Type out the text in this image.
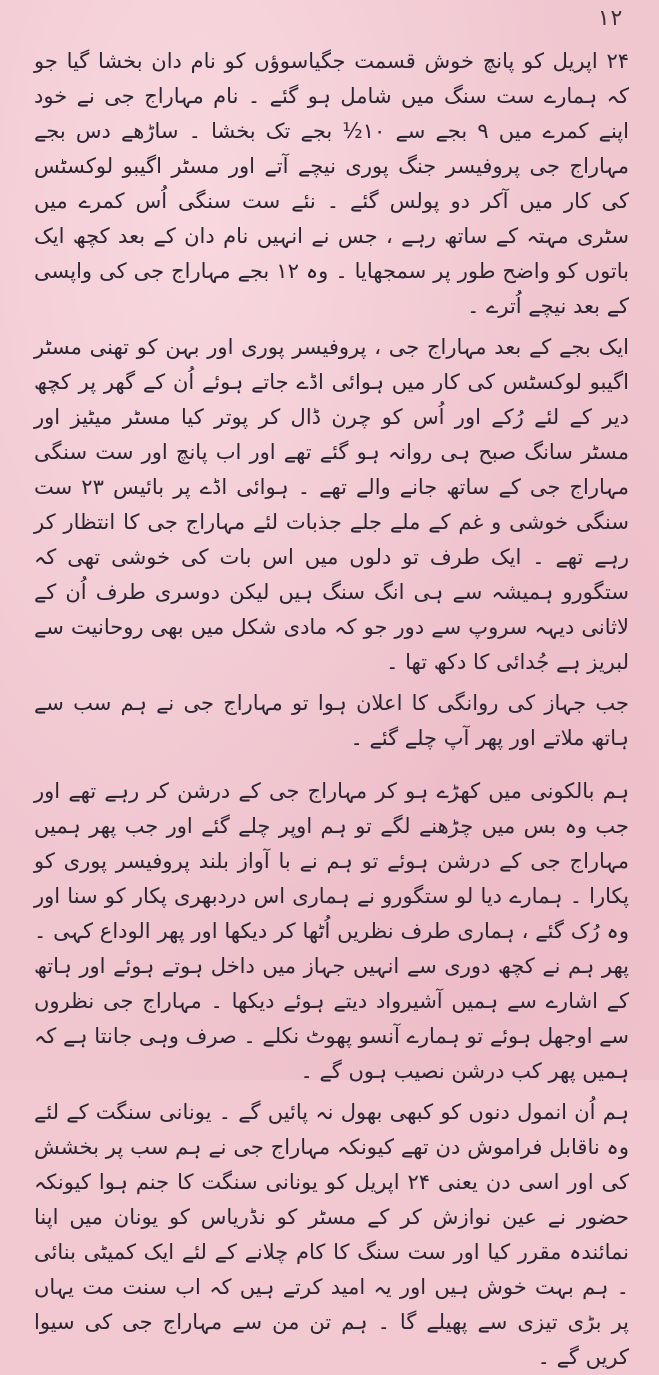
۱۲

۲۴ اپریل کو پانچ خوش قسمت جگیاسوؤں کو نام دان بخشا گیا جو کہ ہمارے ست سنگ میں شامل ہو گئے ۔ نام مہاراج جی نے خود اپنے کمرے میں ۹ بجے سے ۱۰½ بجے تک بخشا ۔ ساڑھے دس بجے مہاراج جی پروفیسر جنگ پوری نیچے آتے اور مسٹر اگیبو لوکسٹس کی کار میں آکر دو پولس گئے ۔ نئے ست سنگی اُس کمرے میں سٹری مہتہ کے ساتھ رہے ، جس نے انہیں نام دان کے بعد کچھ ایک باتوں کو واضح طور پر سمجھایا ۔ وہ ۱۲ بجے مہاراج جی کی واپسی کے بعد نیچے اُترے ۔

ایک بجے کے بعد مہاراج جی ، پروفیسر پوری اور بہن کو تھنی مسٹر اگیبو لوکسٹس کی کار میں ہوائی اڈے جاتے ہوئے اُن کے گھر پر کچھ دیر کے لئے رُکے اور اُس کو چرن ڈال کر پوتر کیا مسٹر میٹیز اور مسٹر سانگ صبح ہی روانہ ہو گئے تھے اور اب پانچ اور ست سنگی مہاراج جی کے ساتھ جانے والے تھے ۔ ہوائی اڈے پر بائیس ۲۳ ست سنگی خوشی و غم کے ملے جلے جذبات لئے مہاراج جی کا انتظار کر رہے تھے ۔ ایک طرف تو دلوں میں اس بات کی خوشی تھی کہ ستگورو ہمیشہ سے ہی انگ سنگ ہیں لیکن دوسری طرف اُن کے لاثانی دیہہ سروپ سے دور جو کہ مادی شکل میں بھی روحانیت سے لبریز ہے جُدائی کا دکھ تھا ۔

جب جہاز کی روانگی کا اعلان ہوا تو مہاراج جی نے ہم سب سے ہاتھ ملاتے اور پھر آپ چلے گئے ۔

ہم بالکونی میں کھڑے ہو کر مہاراج جی کے درشن کر رہے تھے اور جب وہ بس میں چڑھنے لگے تو ہم اوپر چلے گئے اور جب پھر ہمیں مہاراج جی کے درشن ہوئے تو ہم نے با آواز بلند پروفیسر پوری کو پکارا ۔ ہمارے دیا لو ستگورو نے ہماری اس دردبھری پکار کو سنا اور وہ رُک گئے ، ہماری طرف نظریں اُٹھا کر دیکھا اور پھر الوداع کہی ۔ پھر ہم نے کچھ دوری سے انہیں جہاز میں داخل ہوتے ہوئے اور ہاتھ کے اشارے سے ہمیں آشیرواد دیتے ہوئے دیکھا ۔ مہاراج جی نظروں سے اوجھل ہوئے تو ہمارے آنسو پھوٹ نکلے ۔ صرف وہی جانتا ہے کہ ہمیں پھر کب درشن نصیب ہوں گے ۔

ہم اُن انمول دنوں کو کبھی بھول نہ پائیں گے ۔ یونانی سنگت کے لئے وہ ناقابل فراموش دن تھے کیونکہ مہاراج جی نے ہم سب پر بخشش کی اور اسی دن یعنی ۲۴ اپریل کو یونانی سنگت کا جنم ہوا کیونکہ حضور نے عین نوازش کر کے مسٹر کو نڈریاس کو یونان میں اپنا نمائندہ مقرر کیا اور ست سنگ کا کام چلانے کے لئے ایک کمیٹی بنائی ۔ ہم بہت خوش ہیں اور یہ امید کرتے ہیں کہ اب سنت مت یہاں پر بڑی تیزی سے پھیلے گا ۔ ہم تن من سے مہاراج جی کی سیوا کریں گے ۔
